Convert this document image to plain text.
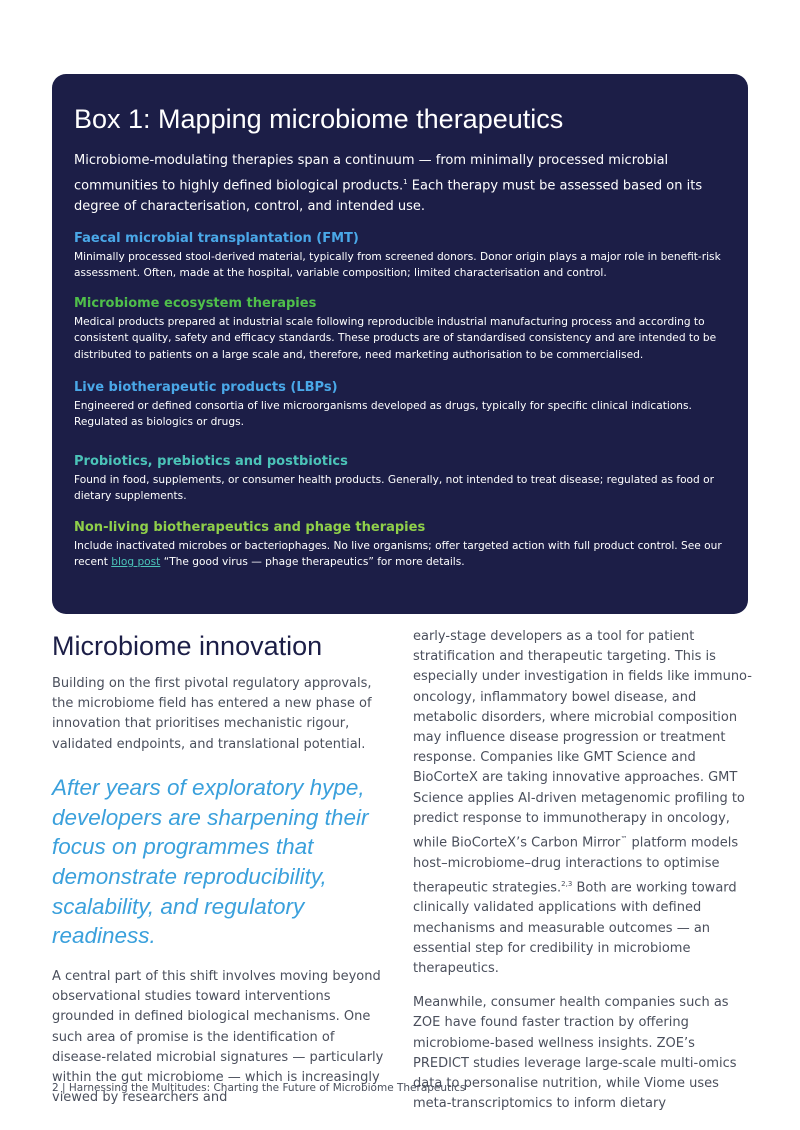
Box 1: Mapping microbiome therapeutics

Microbiome-modulating therapies span a continuum — from minimally processed microbial communities to highly defined biological products.$^1$ Each therapy must be assessed based on its degree of characterisation, control, and intended use.

Faecal microbial transplantation (FMT)

Minimally processed stool-derived material, typically from screened donors. Donor origin plays a major role in benefit-risk assessment. Often, made at the hospital, variable composition; limited characterisation and control.

Microbiome ecosystem therapies

Medical products prepared at industrial scale following reproducible industrial manufacturing process and according to consistent quality, safety and efficacy standards. These products are of standardised consistency and are intended to be distributed to patients on a large scale and, therefore, need marketing authorisation to be commercialised.

Live biotherapeutic products (LBPs)

Engineered or defined consortia of live microorganisms developed as drugs, typically for specific clinical indications. Regulated as biologics or drugs.

Probiotics, prebiotics and postbiotics

Found in food, supplements, or consumer health products. Generally, not intended to treat disease; regulated as food or dietary supplements.

Non-living biotherapeutics and phage therapies

Include inactivated microbes or bacteriophages. No live organisms; offer targeted action with full product control. See our recent blog post “The good virus — phage therapeutics” for more details.

Microbiome innovation

Building on the first pivotal regulatory approvals, the microbiome field has entered a new phase of innovation that prioritises mechanistic rigour, validated endpoints, and translational potential.

After years of exploratory hype, developers are sharpening their focus on programmes that demonstrate reproducibility, scalability, and regulatory readiness.

A central part of this shift involves moving beyond observational studies toward interventions grounded in defined biological mechanisms. One such area of promise is the identification of disease-related microbial signatures — particularly within the gut microbiome — which is increasingly viewed by researchers and

early-stage developers as a tool for patient stratification and therapeutic targeting. This is especially under investigation in fields like immuno-oncology, inflammatory bowel disease, and metabolic disorders, where microbial composition may influence disease progression or treatment response. Companies like GMT Science and BioCorteX are taking innovative approaches. GMT Science applies AI-driven metagenomic profiling to predict response to immunotherapy in oncology, while BioCorteX’s Carbon Mirror™ platform models host–microbiome–drug interactions to optimise therapeutic strategies.$^{2,3}$ Both are working toward clinically validated applications with defined mechanisms and measurable outcomes — an essential step for credibility in microbiome therapeutics.

Meanwhile, consumer health companies such as ZOE have found faster traction by offering microbiome-based wellness insights. ZOE’s PREDICT studies leverage large-scale multi-omics data to personalise nutrition, while Viome uses meta-transcriptomics to inform dietary

2 | Harnessing the Multitudes: Charting the Future of Microbiome Therapeutics
